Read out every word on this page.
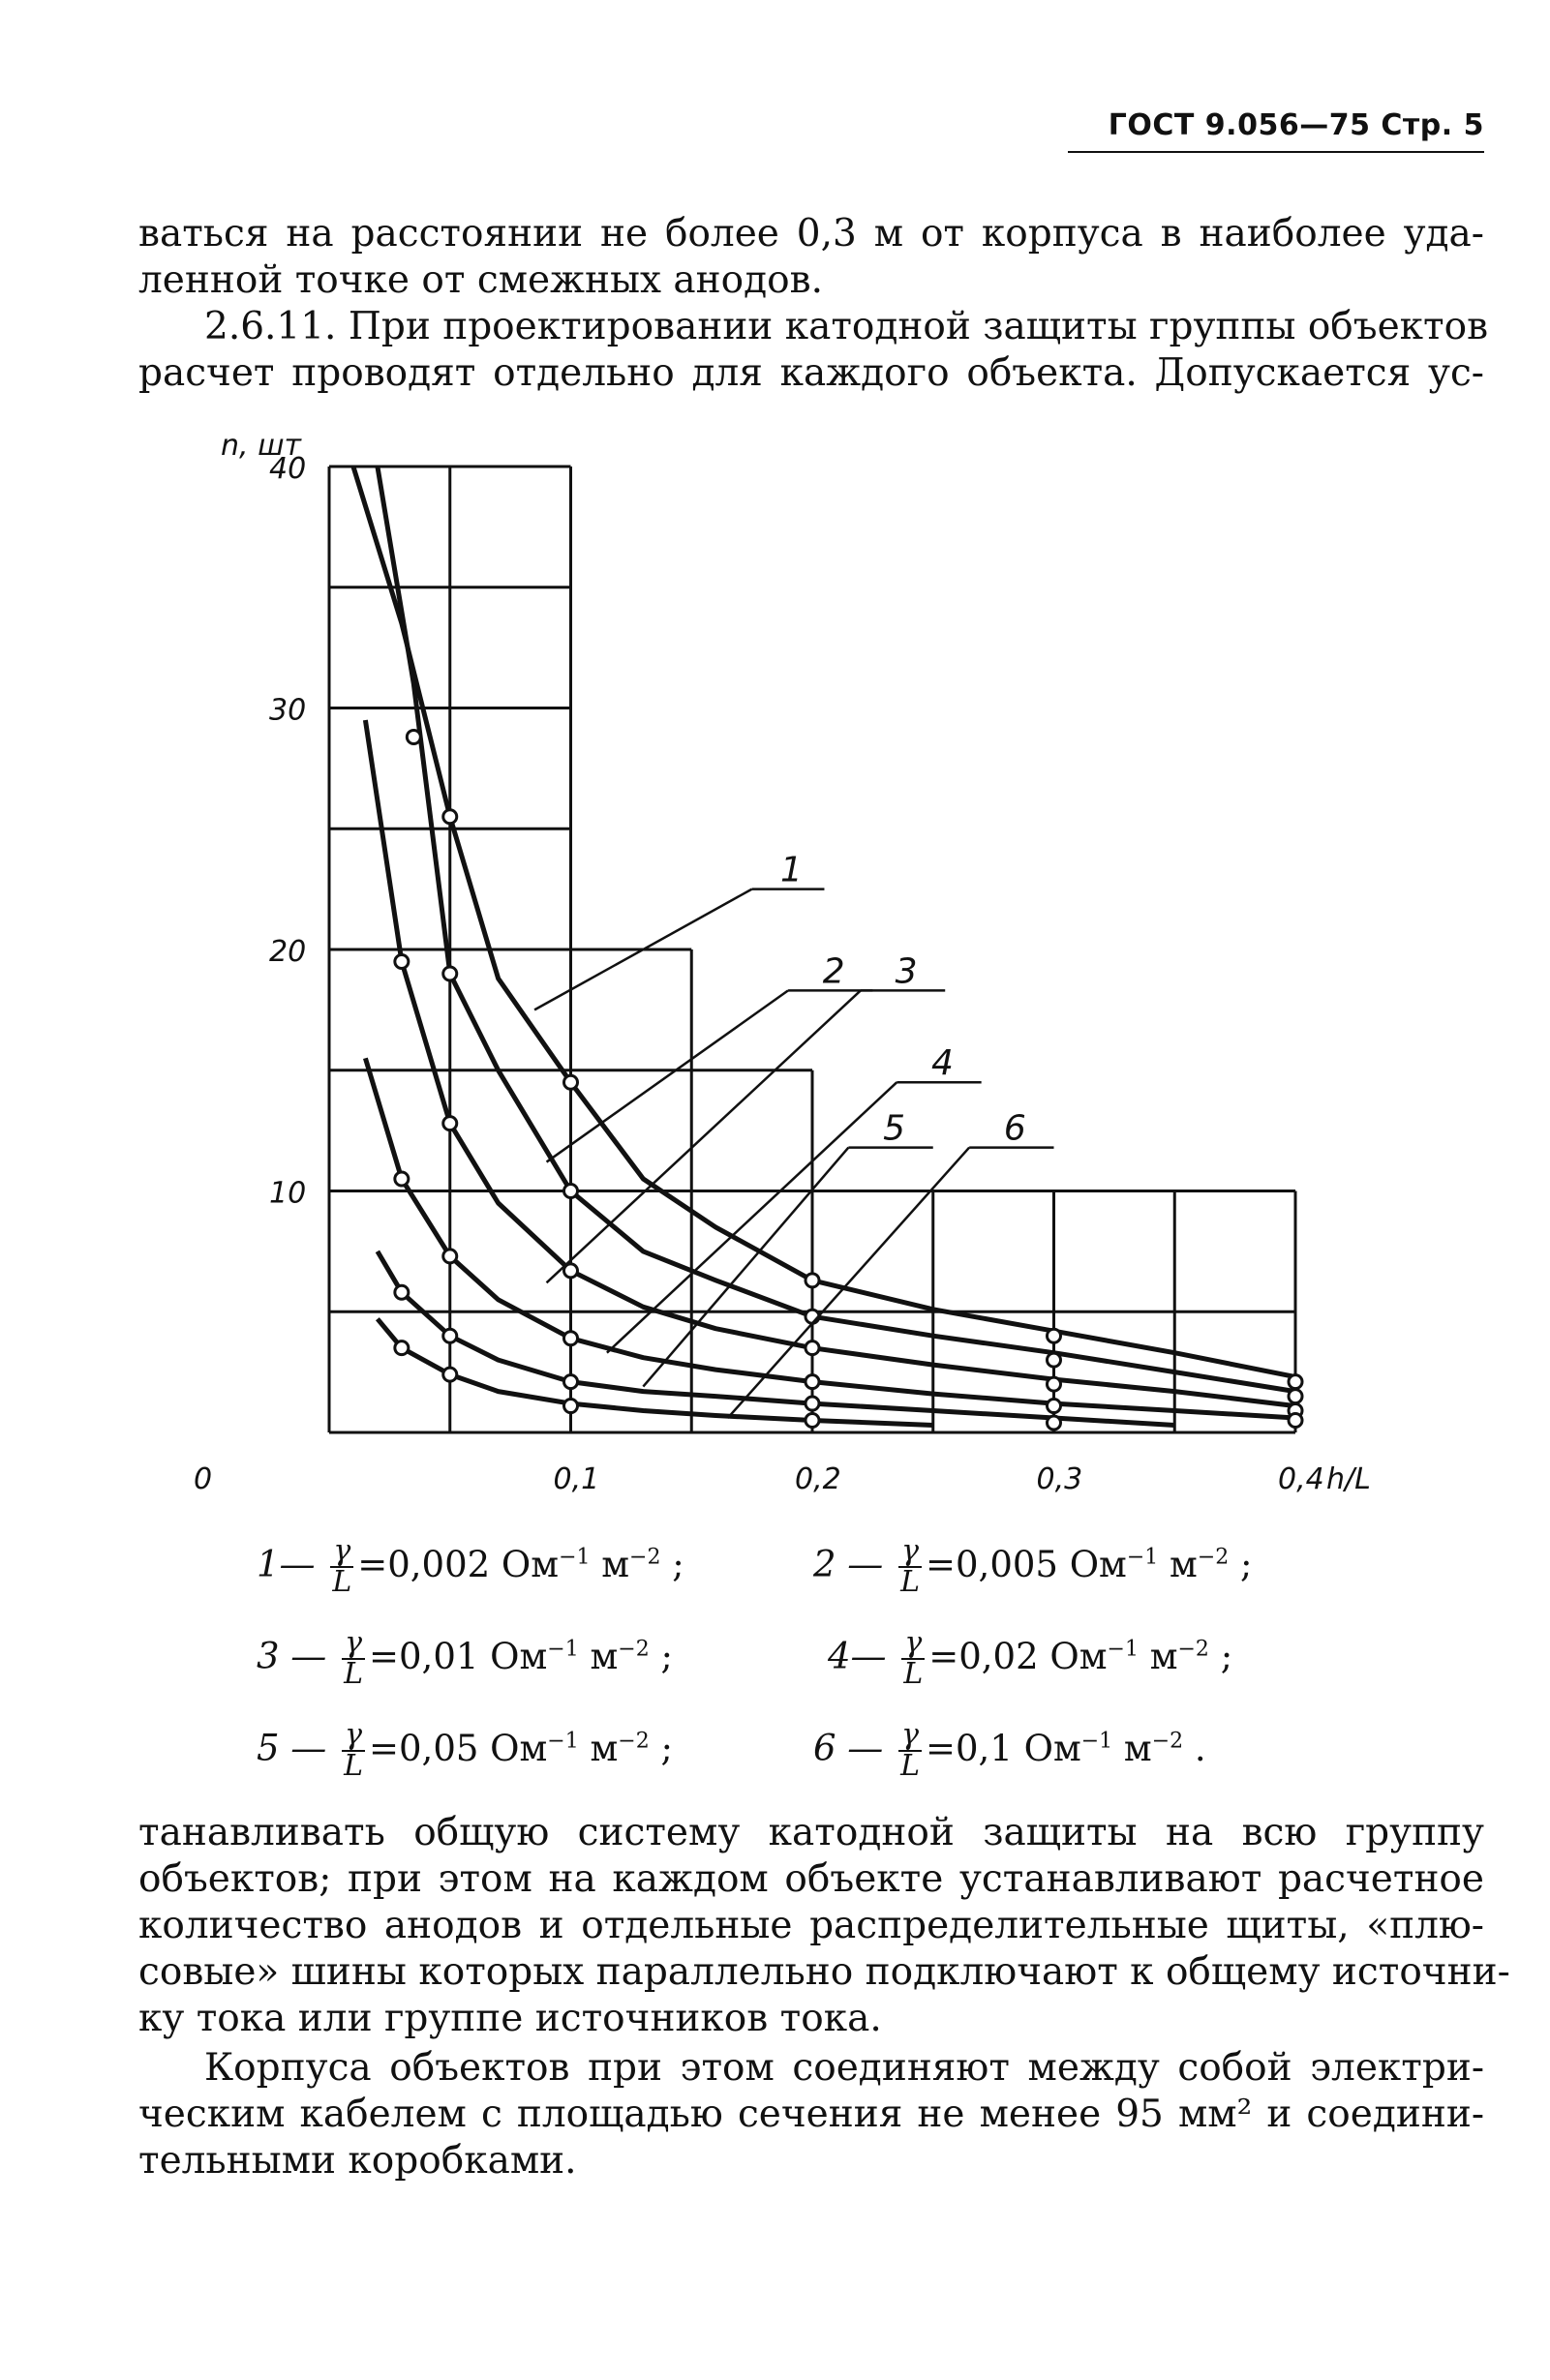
ГОСТ 9.056—75 Стр. 5
ваться на расстоянии не более 0,3 м от корпуса в наиболее уда-
ленной точке от смежных анодов.
2.6.11. При проектировании катодной защиты группы объектов
расчет проводят отдельно для каждого объекта. Допускается ус-
0	0,1	0,2	0,3	0,4
10
20
30
40
h/L
n, шт
1
2 3
4
5	6
1— $\frac{\gamma}{L} =0,002$ $Ом^{-1}$ $м^{-2}$ ;	2 — $\frac{\gamma}{L} =0,005$ $Ом^{-1}$ $м^{-2}$ ;
3 — $\frac{\gamma}{L} =0,01$ $Ом^{-1}$ $м^{-2}$ ;	4— $\frac{\gamma}{L} =0,02$ $Ом^{-1}$ $м^{-2}$ ;
5 — $\frac{\gamma}{L} =0,05$ $Ом^{-1}$ $м^{-2}$ ;	6 — $\frac{\gamma}{L} =0,1$ $Ом^{-1}$ $м^{-2}$ .
танавливать общую систему катодной защиты на всю группу
объектов; при этом на каждом объекте устанавливают расчетное
количество анодов и отдельные распределительные щиты, «плю-
совые» шины которых параллельно подключают к общему источни-
ку тока или группе источников тока.
Корпуса объектов при этом соединяют между собой электри-
ческим кабелем с площадью сечения не менее 95 мм² и соедини-
тельными коробками.
